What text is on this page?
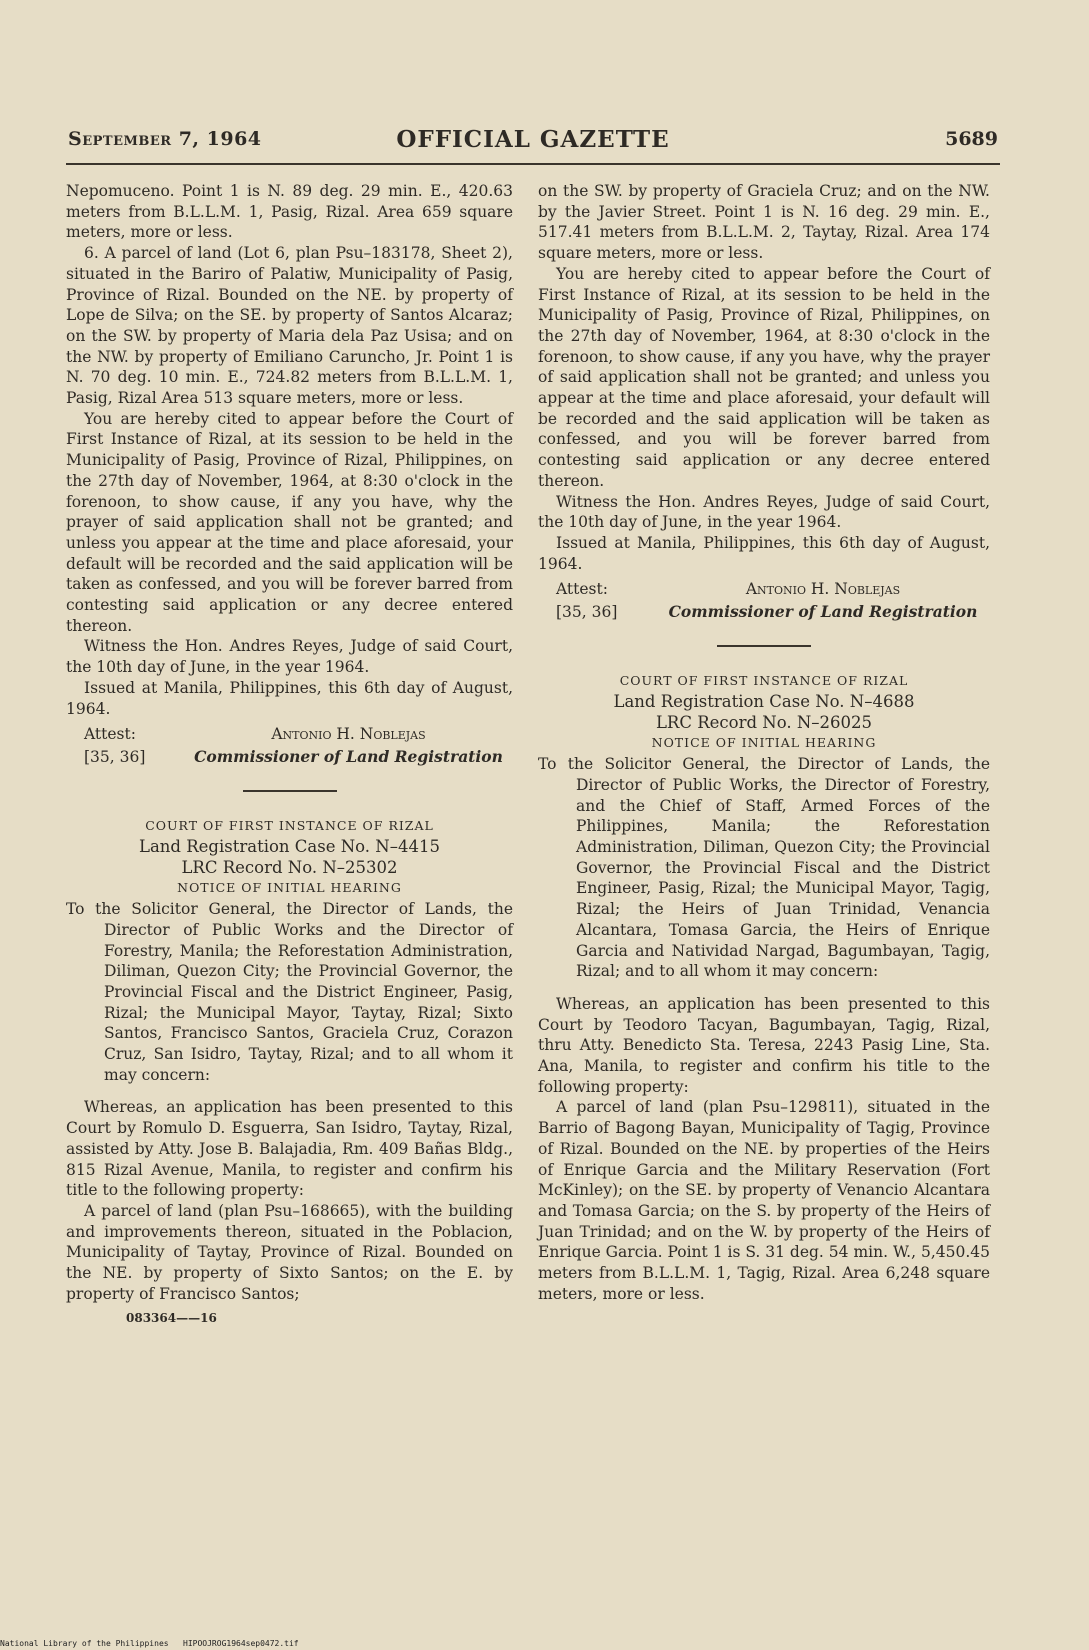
September 7, 1964	OFFICIAL GAZETTE	5689

Nepomuceno. Point 1 is N. 89 deg. 29 min. E., 420.63 meters from B.L.L.M. 1, Pasig, Rizal. Area 659 square meters, more or less.

6. A parcel of land (Lot 6, plan Psu–183178, Sheet 2), situated in the Bariro of Palatiw, Municipality of Pasig, Province of Rizal. Bounded on the NE. by property of Lope de Silva; on the SE. by property of Santos Alcaraz; on the SW. by property of Maria dela Paz Usisa; and on the NW. by property of Emiliano Caruncho, Jr. Point 1 is N. 70 deg. 10 min. E., 724.82 meters from B.L.L.M. 1, Pasig, Rizal Area 513 square meters, more or less.

You are hereby cited to appear before the Court of First Instance of Rizal, at its session to be held in the Municipality of Pasig, Province of Rizal, Philippines, on the 27th day of November, 1964, at 8:30 o'clock in the forenoon, to show cause, if any you have, why the prayer of said application shall not be granted; and unless you appear at the time and place aforesaid, your default will be recorded and the said application will be taken as confessed, and you will be forever barred from contesting said application or any decree entered thereon.

Witness the Hon. Andres Reyes, Judge of said Court, the 10th day of June, in the year 1964.

Issued at Manila, Philippines, this 6th day of August, 1964.

Attest:	Antonio H. Noblejas
[35, 36]	Commissioner of Land Registration

COURT OF FIRST INSTANCE OF RIZAL

Land Registration Case No. N–4415

LRC Record No. N–25302

NOTICE OF INITIAL HEARING

To the Solicitor General, the Director of Lands, the Director of Public Works and the Director of Forestry, Manila; the Reforestation Administration, Diliman, Quezon City; the Provincial Governor, the Provincial Fiscal and the District Engineer, Pasig, Rizal; the Municipal Mayor, Taytay, Rizal; Sixto Santos, Francisco Santos, Graciela Cruz, Corazon Cruz, San Isidro, Taytay, Rizal; and to all whom it may concern:

Whereas, an application has been presented to this Court by Romulo D. Esguerra, San Isidro, Taytay, Rizal, assisted by Atty. Jose B. Balajadia, Rm. 409 Bañas Bldg., 815 Rizal Avenue, Manila, to register and confirm his title to the following property:

A parcel of land (plan Psu–168665), with the building and improvements thereon, situated in the Poblacion, Municipality of Taytay, Province of Rizal. Bounded on the NE. by property of Sixto Santos; on the E. by property of Francisco Santos;

083364——16

on the SW. by property of Graciela Cruz; and on the NW. by the Javier Street. Point 1 is N. 16 deg. 29 min. E., 517.41 meters from B.L.L.M. 2, Taytay, Rizal. Area 174 square meters, more or less.

You are hereby cited to appear before the Court of First Instance of Rizal, at its session to be held in the Municipality of Pasig, Province of Rizal, Philippines, on the 27th day of November, 1964, at 8:30 o'clock in the forenoon, to show cause, if any you have, why the prayer of said application shall not be granted; and unless you appear at the time and place aforesaid, your default will be recorded and the said application will be taken as confessed, and you will be forever barred from contesting said application or any decree entered thereon.

Witness the Hon. Andres Reyes, Judge of said Court, the 10th day of June, in the year 1964.

Issued at Manila, Philippines, this 6th day of August, 1964.

Attest:	Antonio H. Noblejas
[35, 36]	Commissioner of Land Registration

COURT OF FIRST INSTANCE OF RIZAL

Land Registration Case No. N–4688

LRC Record No. N–26025

NOTICE OF INITIAL HEARING

To the Solicitor General, the Director of Lands, the Director of Public Works, the Director of Forestry, and the Chief of Staff, Armed Forces of the Philippines, Manila; the Reforestation Administration, Diliman, Quezon City; the Provincial Governor, the Provincial Fiscal and the District Engineer, Pasig, Rizal; the Municipal Mayor, Tagig, Rizal; the Heirs of Juan Trinidad, Venancia Alcantara, Tomasa Garcia, the Heirs of Enrique Garcia and Natividad Nargad, Bagumbayan, Tagig, Rizal; and to all whom it may concern:

Whereas, an application has been presented to this Court by Teodoro Tacyan, Bagumbayan, Tagig, Rizal, thru Atty. Benedicto Sta. Teresa, 2243 Pasig Line, Sta. Ana, Manila, to register and confirm his title to the following property:

A parcel of land (plan Psu–129811), situated in the Barrio of Bagong Bayan, Municipality of Tagig, Province of Rizal. Bounded on the NE. by properties of the Heirs of Enrique Garcia and the Military Reservation (Fort McKinley); on the SE. by property of Venancio Alcantara and Tomasa Garcia; on the S. by property of the Heirs of Juan Trinidad; and on the W. by property of the Heirs of Enrique Garcia. Point 1 is S. 31 deg. 54 min. W., 5,450.45 meters from B.L.L.M. 1, Tagig, Rizal. Area 6,248 square meters, more or less.

National Library of the Philippines HIPOOJROG1964sep0472.tif
